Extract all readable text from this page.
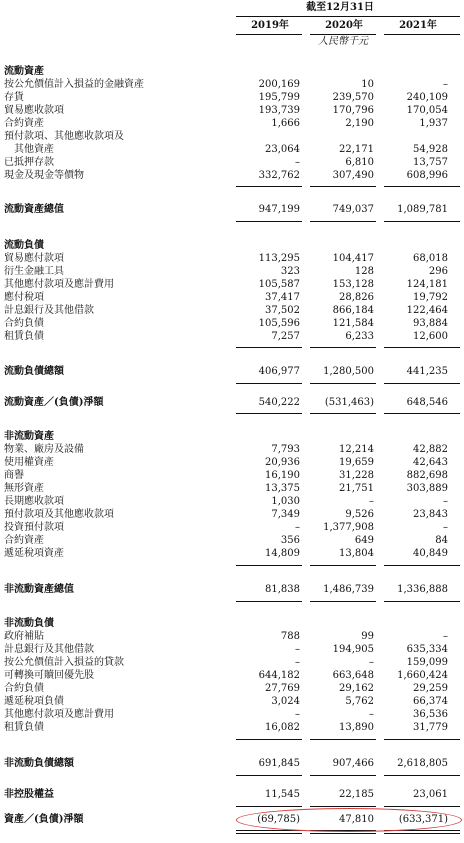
截至12月31日
2019年	2020年	2021年
人民幣千元
流動資產
按公允價值計入損益的金融資產	200,169	10	–
存貨	195,799	239,570	240,109
貿易應收款項	193,739	170,796	170,054
合約資產	1,666	2,190	1,937
預付款項、其他應收款項及
　其他資產	23,064	22,171	54,928
已抵押存款	–	6,810	13,757
現金及現金等價物	332,762	307,490	608,996
流動資產總值	947,199	749,037	1,089,781
流動負債
貿易應付款項	113,295	104,417	68,018
衍生金融工具	323	128	296
其他應付款項及應計費用	105,587	153,128	124,181
應付稅項	37,417	28,826	19,792
計息銀行及其他借款	37,502	866,184	122,464
合約負債	105,596	121,584	93,884
租賃負債	7,257	6,233	12,600
流動負債總額	406,977	1,280,500	441,235
流動資產／(負債)淨額	540,222	(531,463)	648,546
非流動資產
物業、廠房及設備	7,793	12,214	42,882
使用權資產	20,936	19,659	42,643
商譽	16,190	31,228	882,698
無形資產	13,375	21,751	303,889
長期應收款項	1,030	–	–
預付款項及其他應收款項	7,349	9,526	23,843
投資預付款項	–	1,377,908	–
合約資產	356	649	84
遞延稅項資產	14,809	13,804	40,849
非流動資產總值	81,838	1,486,739	1,336,888
非流動負債
政府補貼	788	99	–
計息銀行及其他借款	–	194,905	635,334
按公允價值計入損益的貸款	–	–	159,099
可轉換可贖回優先股	644,182	663,648	1,660,424
合約負債	27,769	29,162	29,259
遞延稅項負債	3,024	5,762	66,374
其他應付款項及應計費用	–	–	36,536
租賃負債	16,082	13,890	31,779
非流動負債總額	691,845	907,466	2,618,805
非控股權益	11,545	22,185	23,061
資產／(負債)淨額	(69,785)	47,810	(633,371)
